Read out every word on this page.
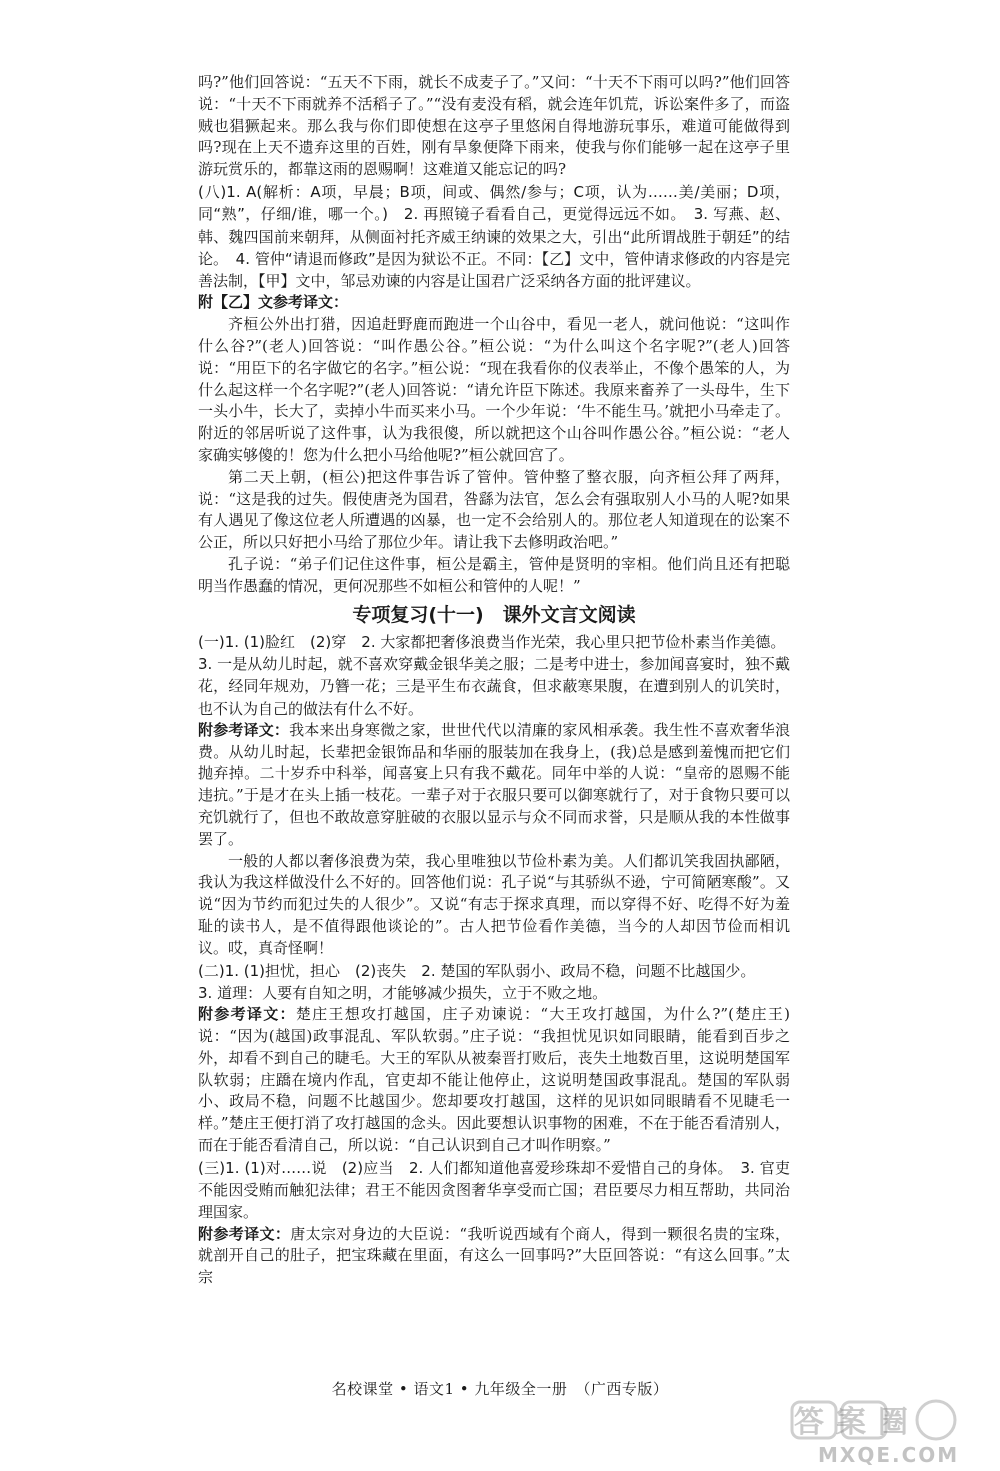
吗?”他们回答说：“五天不下雨，就长不成麦子了。”又问：“十天不下雨可以吗?”他们回答说：“十天不下雨就养不活稻子了。”“没有麦没有稻，就会连年饥荒，诉讼案件多了，而盗贼也猖獗起来。那么我与你们即使想在这亭子里悠闲自得地游玩事乐，难道可能做得到吗?现在上天不遗弃这里的百姓，刚有旱象便降下雨来，使我与你们能够一起在这亭子里游玩赏乐的，都靠这雨的恩赐啊！这难道又能忘记的吗?

(八)1. A(解析：A项，早晨；B项，间或、偶然/参与；C项，认为……美/美丽；D项，同“熟”，仔细/谁，哪一个。)　2. 再照镜子看看自己，更觉得远远不如。　3. 写燕、赵、韩、魏四国前来朝拜，从侧面衬托齐威王纳谏的效果之大，引出“此所谓战胜于朝廷”的结论。　4. 管仲“请退而修政”是因为狱讼不正。不同：【乙】文中，管仲请求修政的内容是完善法制，【甲】文中，邹忌劝谏的内容是让国君广泛采纳各方面的批评建议。

附【乙】文参考译文：

齐桓公外出打猎，因追赶野鹿而跑进一个山谷中，看见一老人，就问他说：“这叫作什么谷?”(老人)回答说：“叫作愚公谷。”桓公说：“为什么叫这个名字呢?”(老人)回答说：“用臣下的名字做它的名字。”桓公说：“现在我看你的仪表举止，不像个愚笨的人，为什么起这样一个名字呢?”(老人)回答说：“请允许臣下陈述。我原来畜养了一头母牛，生下一头小牛，长大了，卖掉小牛而买来小马。一个少年说：‘牛不能生马。’就把小马牵走了。附近的邻居听说了这件事，认为我很傻，所以就把这个山谷叫作愚公谷。”桓公说：“老人家确实够傻的！您为什么把小马给他呢?”桓公就回宫了。

第二天上朝，(桓公)把这件事告诉了管仲。管仲整了整衣服，向齐桓公拜了两拜，说：“这是我的过失。假使唐尧为国君，咎繇为法官，怎么会有强取别人小马的人呢?如果有人遇见了像这位老人所遭遇的凶暴，也一定不会给别人的。那位老人知道现在的讼案不公正，所以只好把小马给了那位少年。请让我下去修明政治吧。”

孔子说：“弟子们记住这件事，桓公是霸主，管仲是贤明的宰相。他们尚且还有把聪明当作愚蠢的情况，更何况那些不如桓公和管仲的人呢！”

专项复习(十一)　课外文言文阅读

(一)1. (1)脸红　(2)穿　2. 大家都把奢侈浪费当作光荣，我心里只把节俭朴素当作美德。

3. 一是从幼儿时起，就不喜欢穿戴金银华美之服；二是考中进士，参加闻喜宴时，独不戴花，经同年规劝，乃簪一花；三是平生布衣蔬食，但求蔽寒果腹，在遭到别人的讥笑时，也不认为自己的做法有什么不好。

附参考译文：我本来出身寒微之家，世世代代以清廉的家风相承袭。我生性不喜欢奢华浪费。从幼儿时起，长辈把金银饰品和华丽的服装加在我身上，(我)总是感到羞愧而把它们抛弃掉。二十岁乔中科举，闻喜宴上只有我不戴花。同年中举的人说：“皇帝的恩赐不能违抗。”于是才在头上插一枝花。一辈子对于衣服只要可以御寒就行了，对于食物只要可以充饥就行了，但也不敢故意穿脏破的衣服以显示与众不同而求誉，只是顺从我的本性做事罢了。

一般的人都以奢侈浪费为荣，我心里唯独以节俭朴素为美。人们都讥笑我固执鄙陋，我认为我这样做没什么不好的。回答他们说：孔子说“与其骄纵不逊，宁可简陋寒酸”。又说“因为节约而犯过失的人很少”。又说“有志于探求真理，而以穿得不好、吃得不好为羞耻的读书人，是不值得跟他谈论的”。古人把节俭看作美德，当今的人却因节俭而相讥议。哎，真奇怪啊！

(二)1. (1)担忧，担心　(2)丧失　2. 楚国的军队弱小、政局不稳，问题不比越国少。

3. 道理：人要有自知之明，才能够减少损失，立于不败之地。

附参考译文：楚庄王想攻打越国，庄子劝谏说：“大王攻打越国，为什么?”(楚庄王)说：“因为(越国)政事混乱、军队软弱。”庄子说：“我担忧见识如同眼睛，能看到百步之外，却看不到自己的睫毛。大王的军队从被秦晋打败后，丧失土地数百里，这说明楚国军队软弱；庄蹻在境内作乱，官吏却不能让他停止，这说明楚国政事混乱。楚国的军队弱小、政局不稳，问题不比越国少。您却要攻打越国，这样的见识如同眼睛看不见睫毛一样。”楚庄王便打消了攻打越国的念头。因此要想认识事物的困难，不在于能否看清别人，而在于能否看清自己，所以说：“自己认识到自己才叫作明察。”

(三)1. (1)对……说　(2)应当　2. 人们都知道他喜爱珍珠却不爱惜自己的身体。　3. 官吏不能因受贿而触犯法律；君王不能因贪图奢华享受而亡国；君臣要尽力相互帮助，共同治理国家。

附参考译文：唐太宗对身边的大臣说：“我听说西域有个商人，得到一颗很名贵的宝珠，就剖开自己的肚子，把宝珠藏在里面，有这么一回事吗?”大臣回答说：“有这么回事。”太宗

名校课堂 • 语文1 • 九年级全一册　（广西专版）
答案圈
MXQE.COM
